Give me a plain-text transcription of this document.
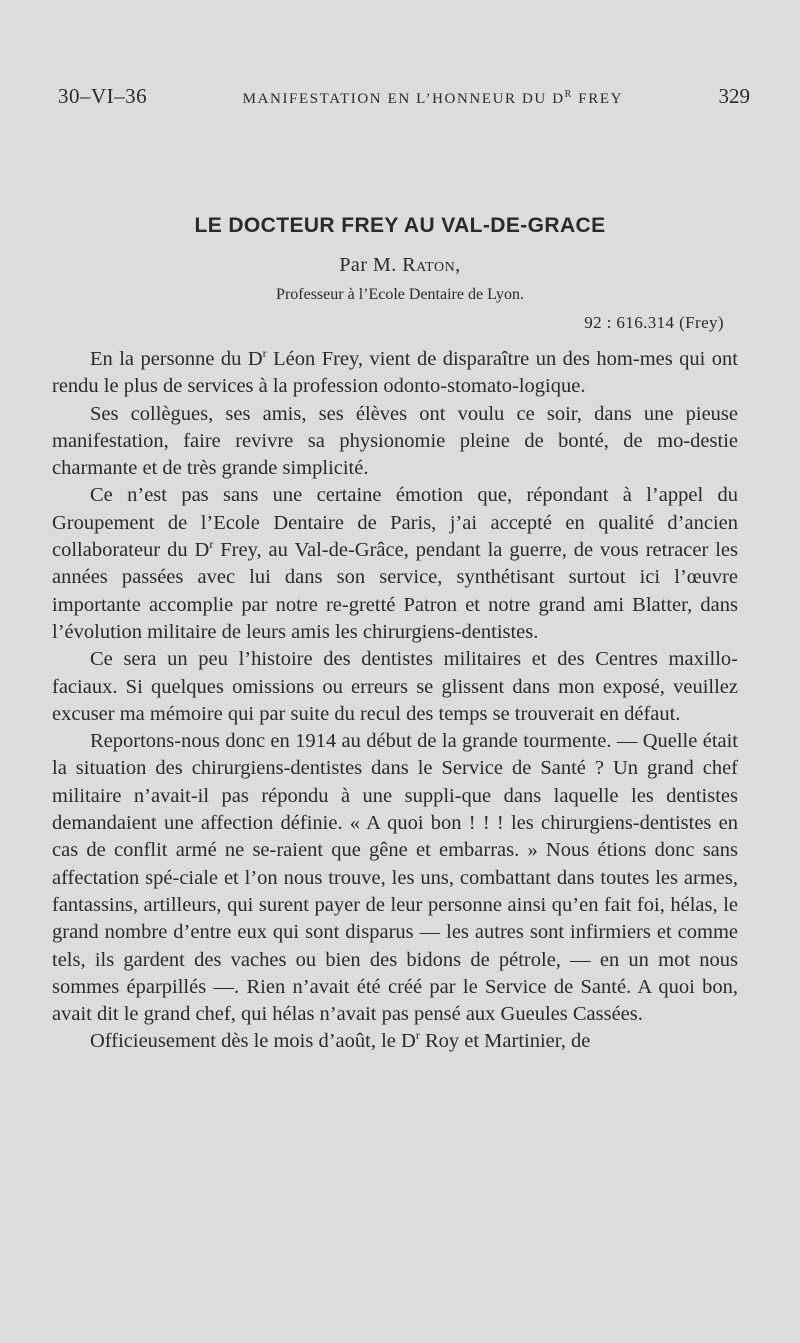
30–VI–36	MANIFESTATION EN L’HONNEUR DU $D^R$ FREY	329
LE DOCTEUR FREY AU VAL-DE-GRACE
Par M. Raton,
Professeur à l’Ecole Dentaire de Lyon.
92 : 616.314 (Frey)

En la personne du $D^r$ Léon Frey, vient de disparaître un des hom-mes qui ont rendu le plus de services à la profession odonto-stomato-logique.

Ses collègues, ses amis, ses élèves ont voulu ce soir, dans une pieuse manifestation, faire revivre sa physionomie pleine de bonté, de mo-destie charmante et de très grande simplicité.

Ce n’est pas sans une certaine émotion que, répondant à l’appel du Groupement de l’Ecole Dentaire de Paris, j’ai accepté en qualité d’ancien collaborateur du $D^r$ Frey, au Val-de-Grâce, pendant la guerre, de vous retracer les années passées avec lui dans son service, synthétisant surtout ici l’œuvre importante accomplie par notre re-gretté Patron et notre grand ami Blatter, dans l’évolution militaire de leurs amis les chirurgiens-dentistes.

Ce sera un peu l’histoire des dentistes militaires et des Centres maxillo-faciaux. Si quelques omissions ou erreurs se glissent dans mon exposé, veuillez excuser ma mémoire qui par suite du recul des temps se trouverait en défaut.

Reportons-nous donc en 1914 au début de la grande tourmente. — Quelle était la situation des chirurgiens-dentistes dans le Service de Santé ? Un grand chef militaire n’avait-il pas répondu à une suppli-que dans laquelle les dentistes demandaient une affection définie. « A quoi bon ! ! ! les chirurgiens-dentistes en cas de conflit armé ne se-raient que gêne et embarras. » Nous étions donc sans affectation spé-ciale et l’on nous trouve, les uns, combattant dans toutes les armes, fantassins, artilleurs, qui surent payer de leur personne ainsi qu’en fait foi, hélas, le grand nombre d’entre eux qui sont disparus — les autres sont infirmiers et comme tels, ils gardent des vaches ou bien des bidons de pétrole, — en un mot nous sommes éparpillés —. Rien n’avait été créé par le Service de Santé. A quoi bon, avait dit le grand chef, qui hélas n’avait pas pensé aux Gueules Cassées.

Officieusement dès le mois d’août, le $D^r$ Roy et Martinier, de
